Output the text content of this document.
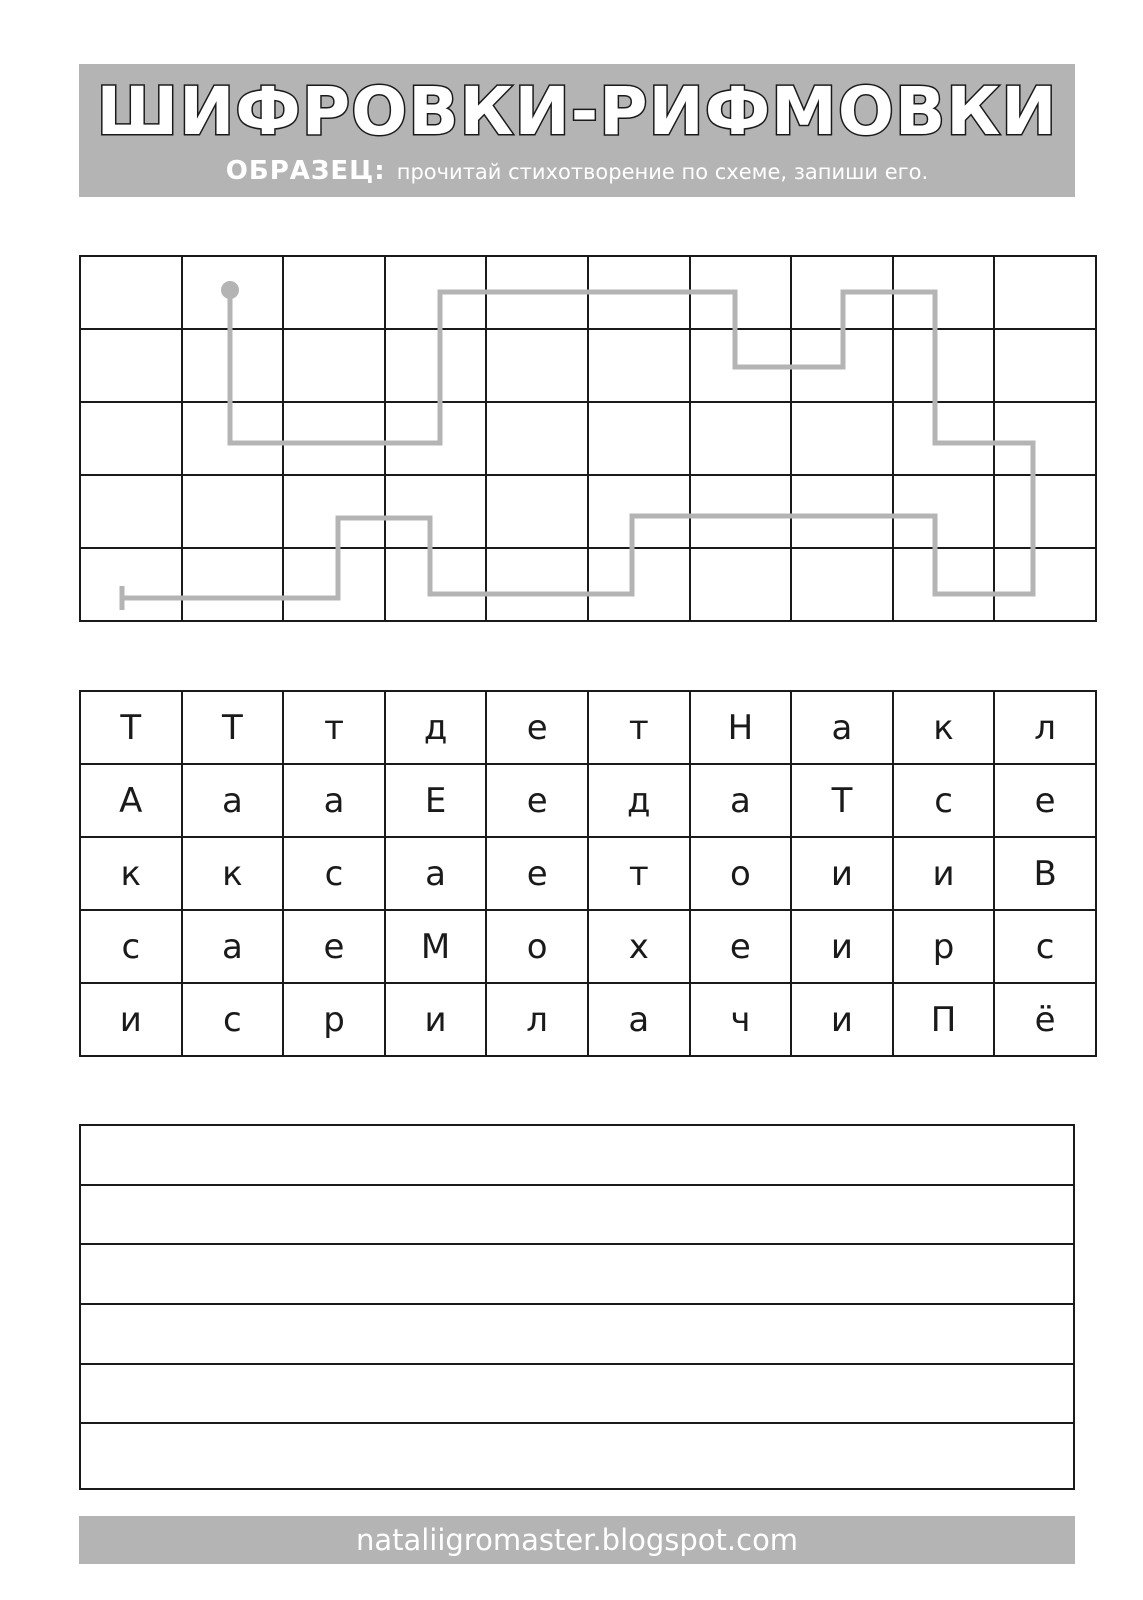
ШИФРОВКИ-РИФМОВКИ
ОБРАЗЕЦ: прочитай стихотворение по схеме, запиши его.

Т	Т	т	д	е	т	Н	а	к	л
А	а	а	Е	е	д	а	Т	с	е
к	к	с	а	е	т	о	и	и	В
с	а	е	М	о	х	е	и	р	с
и	с	р	и	л	а	ч	и	П	ё
nataliigromaster.blogspot.com
